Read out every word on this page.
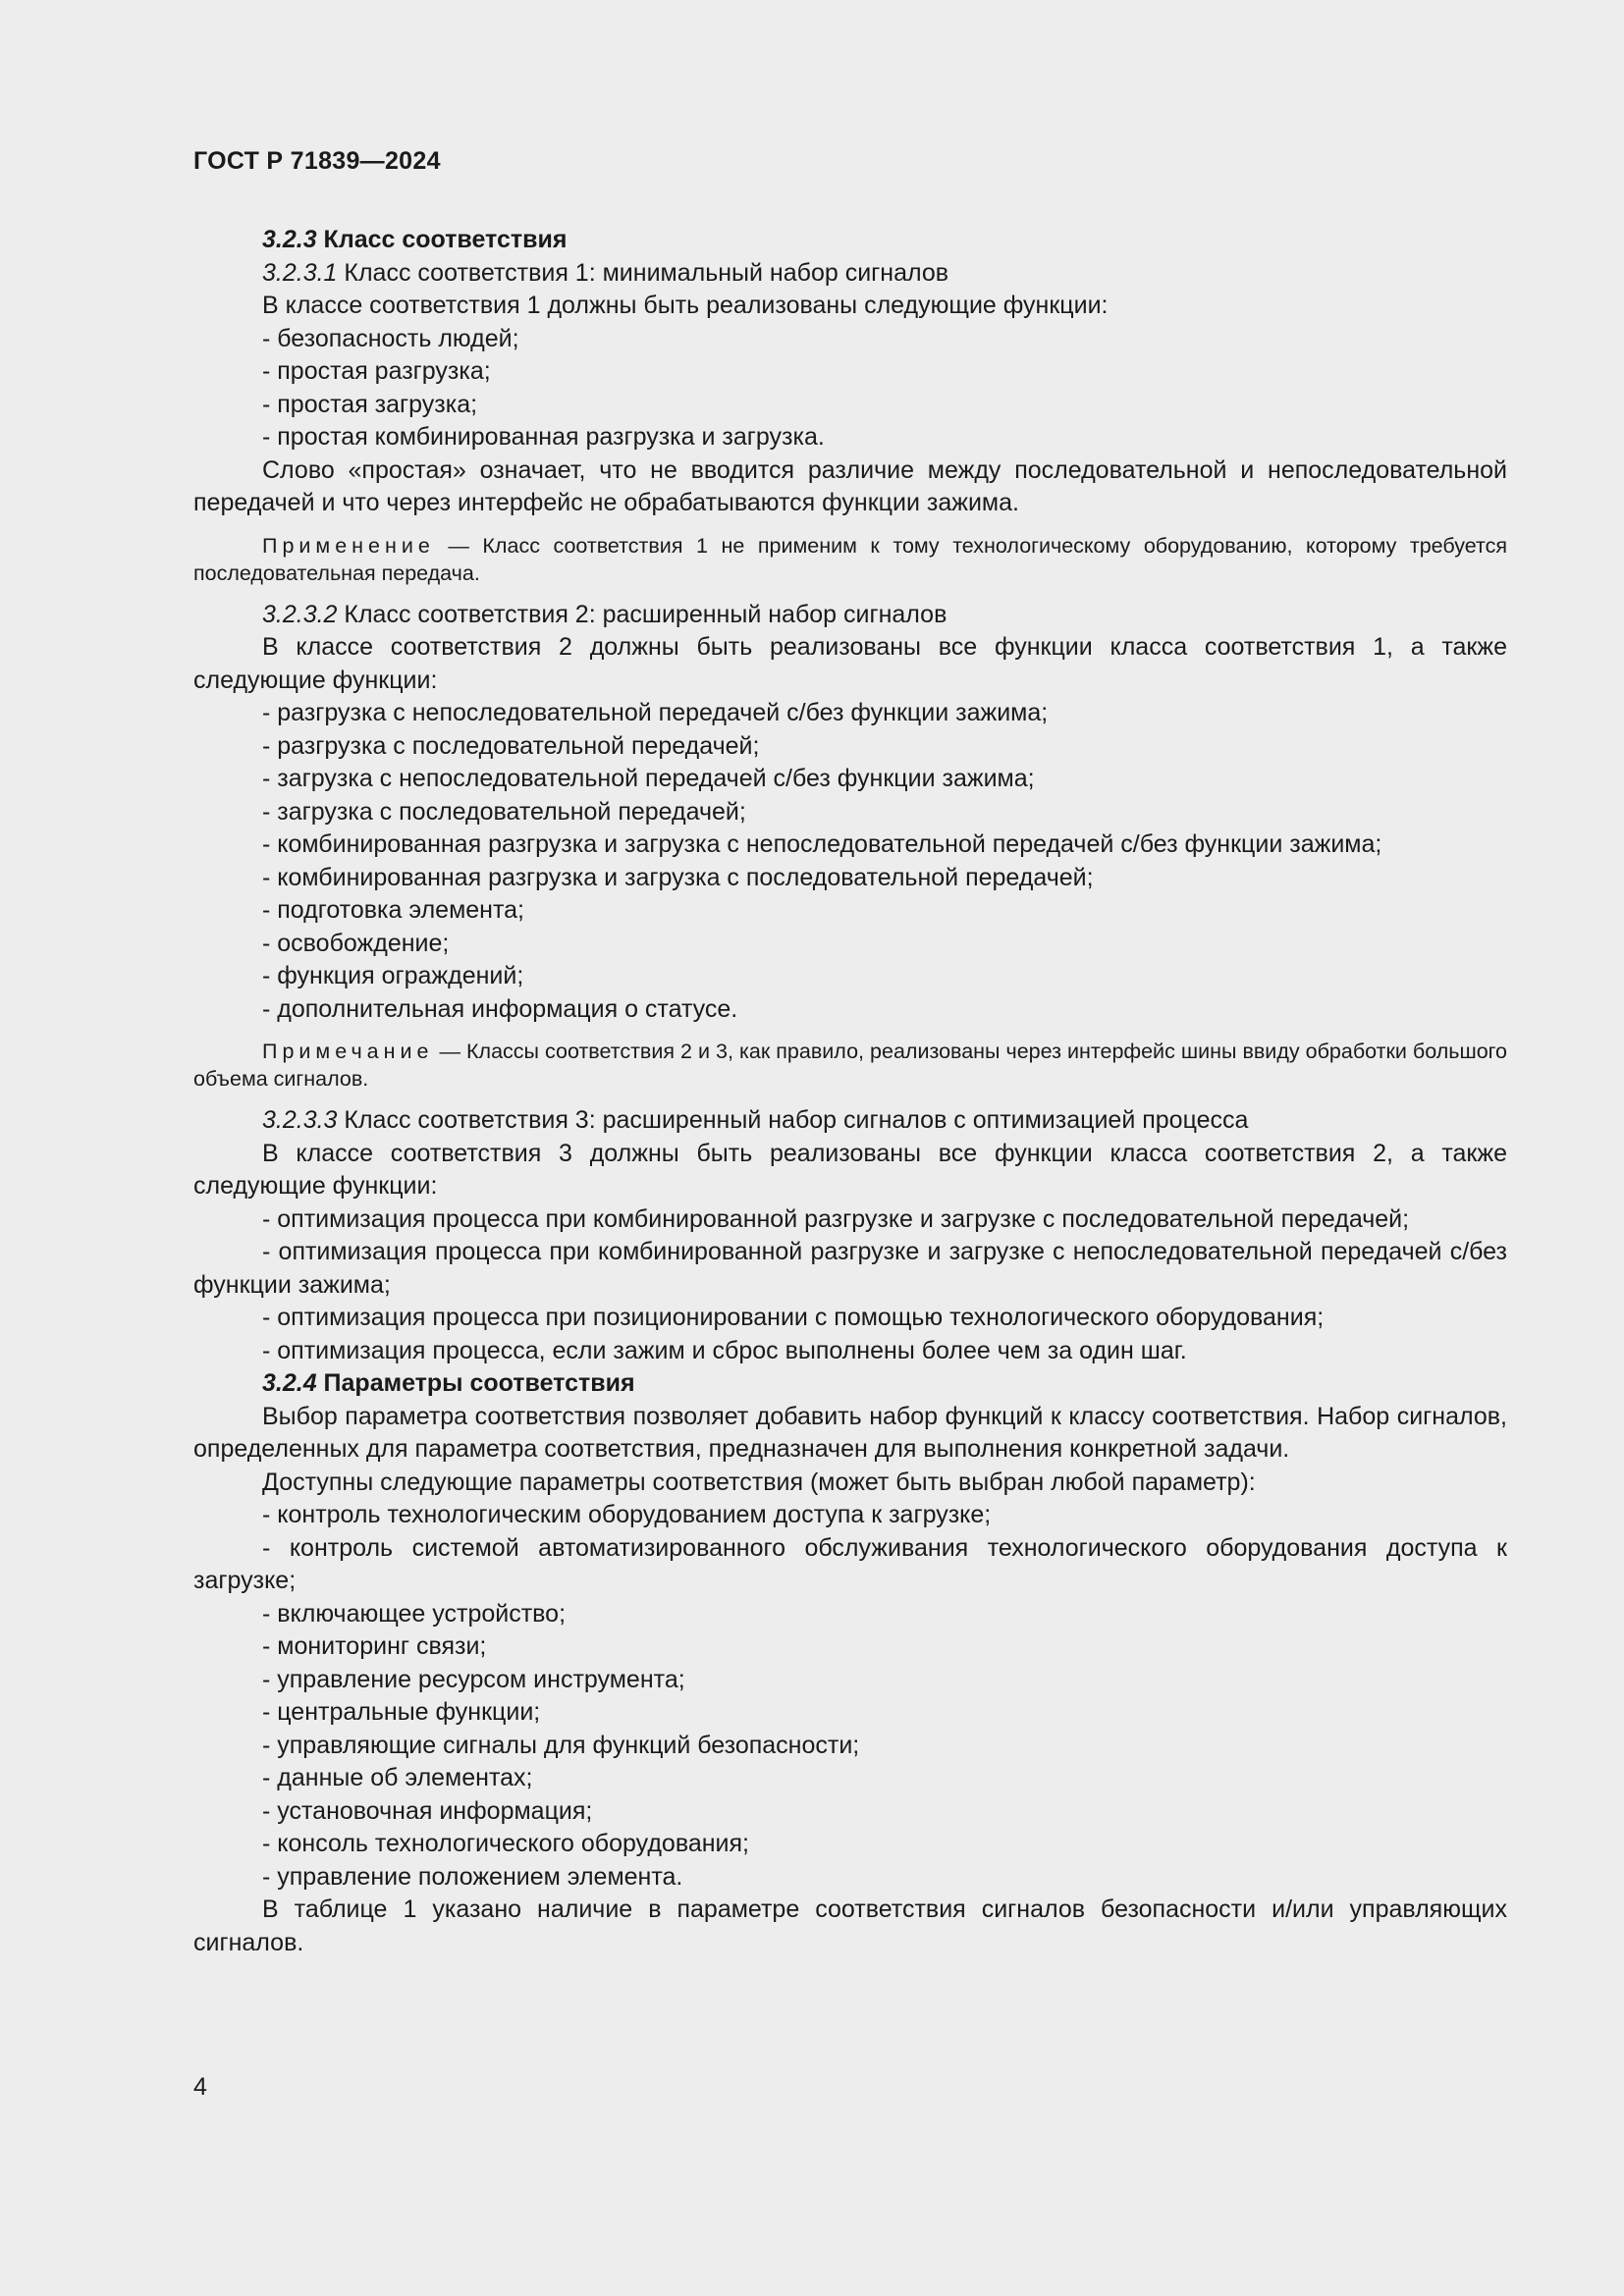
ГОСТ Р 71839—2024

3.2.3 Класс соответствия

3.2.3.1 Класс соответствия 1: минимальный набор сигналов

В классе соответствия 1 должны быть реализованы следующие функции:

- безопасность людей;

- простая разгрузка;

- простая загрузка;

- простая комбинированная разгрузка и загрузка.

Слово «простая» означает, что не вводится различие между последовательной и непоследовательной передачей и что через интерфейс не обрабатываются функции зажима.

Применение — Класс соответствия 1 не применим к тому технологическому оборудованию, которому требуется последовательная передача.

3.2.3.2 Класс соответствия 2: расширенный набор сигналов

В классе соответствия 2 должны быть реализованы все функции класса соответствия 1, а также следующие функции:

- разгрузка с непоследовательной передачей с/без функции зажима;

- разгрузка с последовательной передачей;

- загрузка с непоследовательной передачей с/без функции зажима;

- загрузка с последовательной передачей;

- комбинированная разгрузка и загрузка с непоследовательной передачей с/без функции зажима;

- комбинированная разгрузка и загрузка с последовательной передачей;

- подготовка элемента;

- освобождение;

- функция ограждений;

- дополнительная информация о статусе.

Примечание — Классы соответствия 2 и 3, как правило, реализованы через интерфейс шины ввиду обработки большого объема сигналов.

3.2.3.3 Класс соответствия 3: расширенный набор сигналов с оптимизацией процесса

В классе соответствия 3 должны быть реализованы все функции класса соответствия 2, а также следующие функции:

- оптимизация процесса при комбинированной разгрузке и загрузке с последовательной передачей;

- оптимизация процесса при комбинированной разгрузке и загрузке с непоследовательной передачей с/без функции зажима;

- оптимизация процесса при позиционировании с помощью технологического оборудования;

- оптимизация процесса, если зажим и сброс выполнены более чем за один шаг.

3.2.4 Параметры соответствия

Выбор параметра соответствия позволяет добавить набор функций к классу соответствия. Набор сигналов, определенных для параметра соответствия, предназначен для выполнения конкретной задачи.

Доступны следующие параметры соответствия (может быть выбран любой параметр):

- контроль технологическим оборудованием доступа к загрузке;

- контроль системой автоматизированного обслуживания технологического оборудования доступа к загрузке;

- включающее устройство;

- мониторинг связи;

- управление ресурсом инструмента;

- центральные функции;

- управляющие сигналы для функций безопасности;

- данные об элементах;

- установочная информация;

- консоль технологического оборудования;

- управление положением элемента.

В таблице 1 указано наличие в параметре соответствия сигналов безопасности и/или управляющих сигналов.

4
